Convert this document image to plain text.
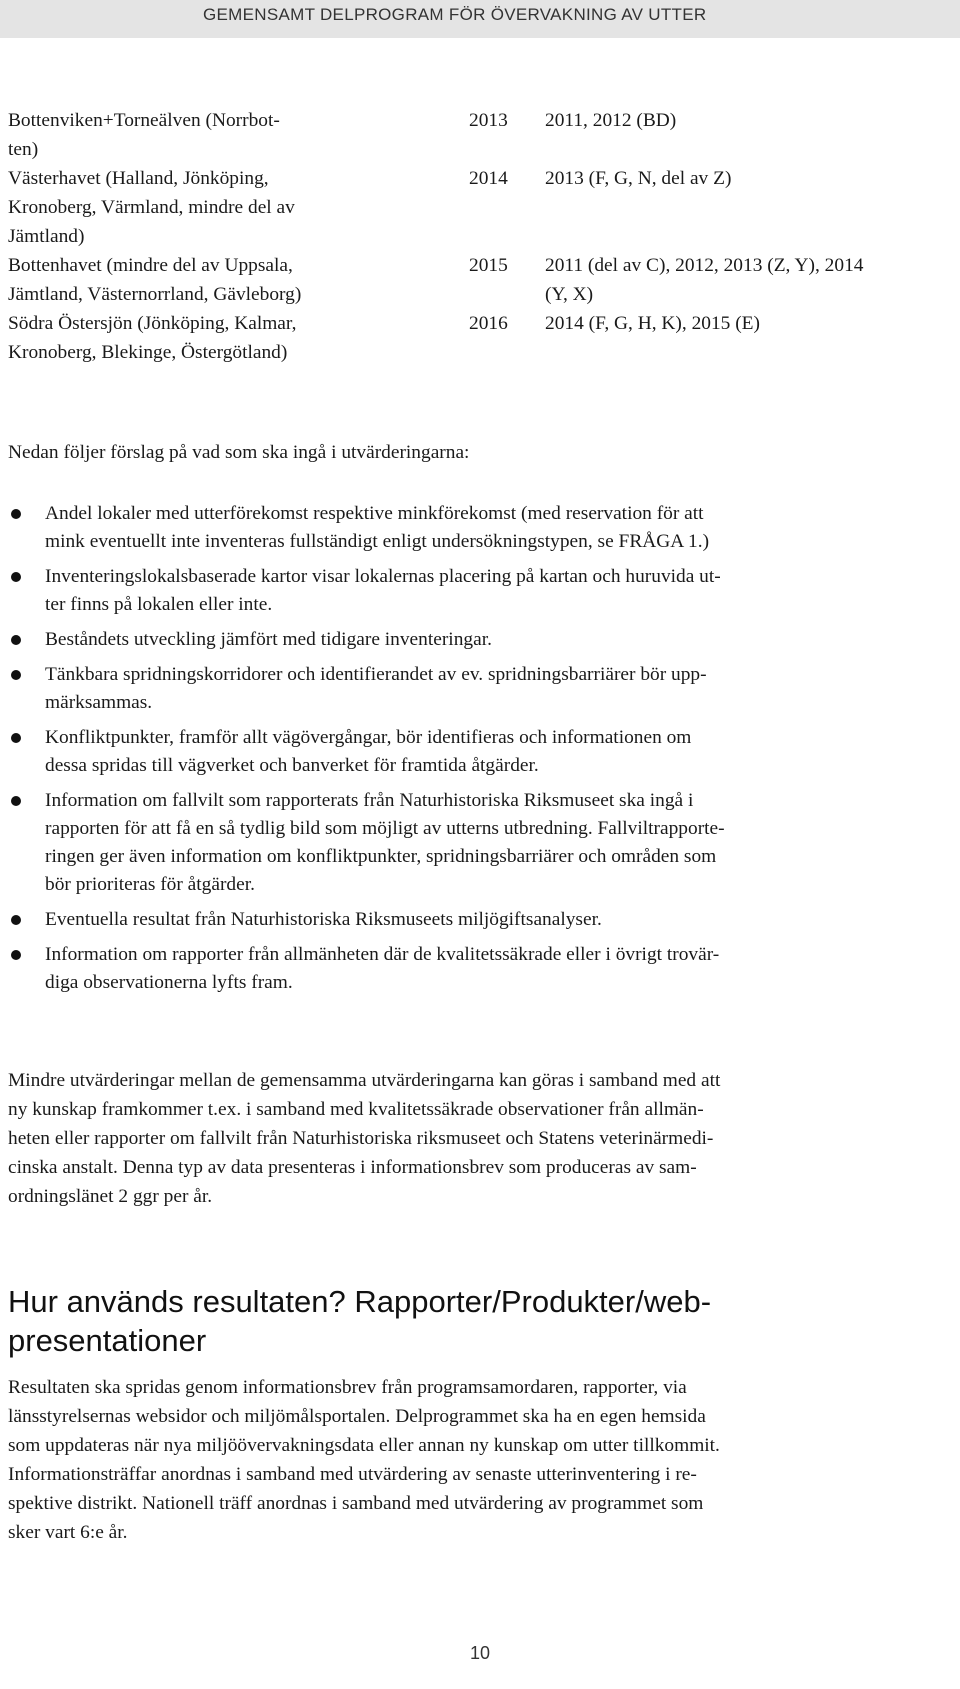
GEMENSAMT DELPROGRAM FÖR ÖVERVAKNING AV UTTER
Bottenviken+Torneälven (Norrbot-
ten)
2013 2011, 2012 (BD)
Västerhavet (Halland, Jönköping,
Kronoberg, Värmland, mindre del av
Jämtland)
2014 2013 (F, G, N, del av Z)
Bottenhavet (mindre del av Uppsala,
Jämtland, Västernorrland, Gävleborg)
2015 2011 (del av C), 2012, 2013 (Z, Y), 2014
(Y, X)
Södra Östersjön (Jönköping, Kalmar,
Kronoberg, Blekinge, Östergötland)
2016 2014 (F, G, H, K), 2015 (E)

Nedan följer förslag på vad som ska ingå i utvärderingarna:

Andel lokaler med utterförekomst respektive minkförekomst (med reservation för att
mink eventuellt inte inventeras fullständigt enligt undersökningstypen, se FRÅGA 1.)
Inventeringslokalsbaserade kartor visar lokalernas placering på kartan och huruvida ut-
ter finns på lokalen eller inte.
Beståndets utveckling jämfört med tidigare inventeringar.
Tänkbara spridningskorridorer och identifierandet av ev. spridningsbarriärer bör upp-
märksammas.
Konfliktpunkter, framför allt vägövergångar, bör identifieras och informationen om
dessa spridas till vägverket och banverket för framtida åtgärder.
Information om fallvilt som rapporterats från Naturhistoriska Riksmuseet ska ingå i
rapporten för att få en så tydlig bild som möjligt av utterns utbredning. Fallviltrapporte-
ringen ger även information om konfliktpunkter, spridningsbarriärer och områden som
bör prioriteras för åtgärder.
Eventuella resultat från Naturhistoriska Riksmuseets miljögiftsanalyser.
Information om rapporter från allmänheten där de kvalitetssäkrade eller i övrigt trovär-
diga observationerna lyfts fram.
Mindre utvärderingar mellan de gemensamma utvärderingarna kan göras i samband med att
ny kunskap framkommer t.ex. i samband med kvalitetssäkrade observationer från allmän-
heten eller rapporter om fallvilt från Naturhistoriska riksmuseet och Statens veterinärmedi-
cinska anstalt. Denna typ av data presenteras i informationsbrev som produceras av sam-
ordningslänet 2 ggr per år.
Hur används resultaten? Rapporter/Produkter/web-
presentationer
Resultaten ska spridas genom informationsbrev från programsamordaren, rapporter, via
länsstyrelsernas websidor och miljömålsportalen. Delprogrammet ska ha en egen hemsida
som uppdateras när nya miljöövervakningsdata eller annan ny kunskap om utter tillkommit.
Informationsträffar anordnas i samband med utvärdering av senaste utterinventering i re-
spektive distrikt. Nationell träff anordnas i samband med utvärdering av programmet som
sker vart 6:e år.
10
